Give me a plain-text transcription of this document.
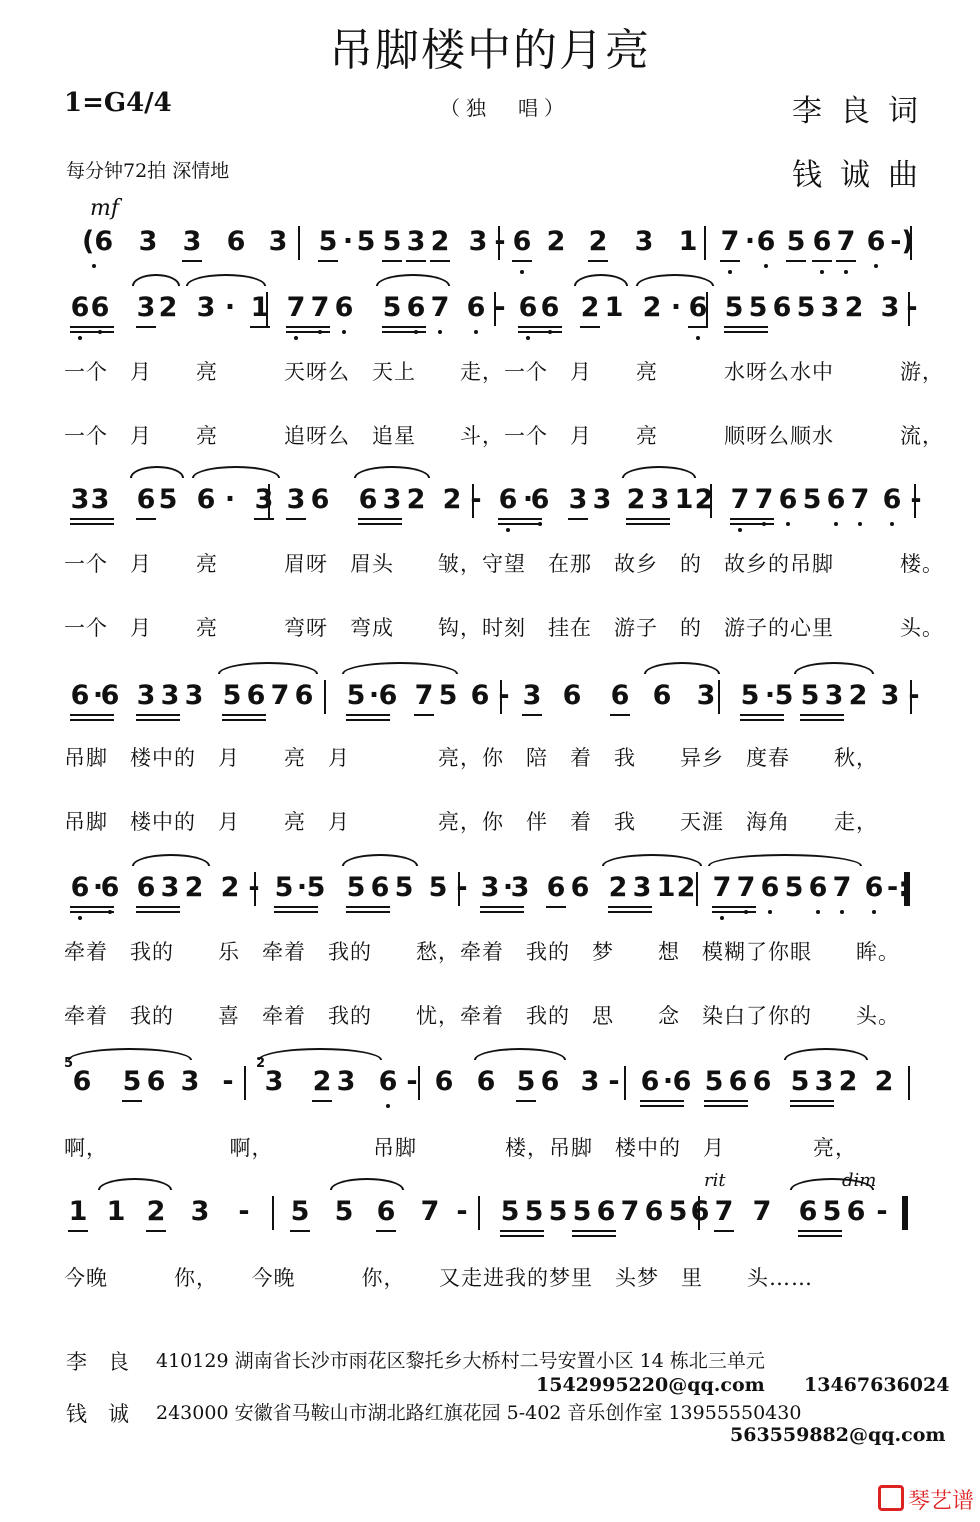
吊脚楼中的月亮
1=G4/4	（独　唱）	李良词
钱诚曲
每分钟72拍 深情地
mf
rit	dim
(6 3 3 6 3 5 · 5 5 3 2 3 - 6 2 2 3 1 7 · 6 5 6 7 6 -)
6 6 3 2 3 · 1 7 7 6 5 6 7 6 - 6 6 2 1 2 · 6 5 5 6 5 3 2 3 -
一个　月　　亮　　　天呀么　天上　　走，一个　月　　亮　　　水呀么水中　　　游，
一个　月　　亮　　　追呀么　追星　　斗，一个　月　　亮　　　顺呀么顺水　　　流，
3 3 6 5 6 · 3 3 6 6 3 2 2 - 6 ·
6 3 3 2 3 1 2 7 7 6 5 6 7 6 -
一个　月　　亮　　　眉呀　眉头　　皱，守望　在那　故乡　的　故乡的吊脚　　　楼。
一个　月　　亮　　　弯呀　弯成　　钩，时刻　挂在　游子　的　游子的心里　　　头。
6 ·
6 3 3 3 5 6 7 6 5 · 6 7 5 6 - 3 6 6 6 3 5 · 5 5 3 2 3 -
吊脚　楼中的　月　　亮　月　　　　亮，你　陪　着　我　　异乡　度春　　秋，
吊脚　楼中的　月　　亮　月　　　　亮，你　伴　着　我　　天涯　海角　　走，
6 ·
6 6 3 2 2 - 5 · 5 5 6 5 5 - 3 ·
3 6 6 2 3 1 2 7 7 6 5 6 7 6 -:
牵着　我的　　乐　牵着　我的　　愁，牵着　我的　梦　　想　模糊了你眼　　眸。
牵着　我的　　喜　牵着　我的　　忧，牵着　我的　思　　念　染白了你的　　头。
6 5 6 3 - 3 2 3 6 - 6 6 5 6 3 - 6 · 6 5 6 6 5 3 2 2
5	2
啊，　　　　　　啊，　　　　　吊脚　　　　楼，吊脚　楼中的　月　　　　亮，
1 1 2 3 - 5 5 6 7 - 5 5 5 5 6 7 6 5 6 7 7 6 5 6 -
今晚　　　你，　　今晚　　　你，　　又走进我的梦里　头梦　里　　头……
李　良 410129 湖南省长沙市雨花区黎托乡大桥村二号安置小区 14 栋北三单元
1542995220@qq.com 13467636024
钱　诚 243000 安徽省马鞍山市湖北路红旗花园 5-402 音乐创作室 13955550430
563559882@qq.com
琴艺谱
